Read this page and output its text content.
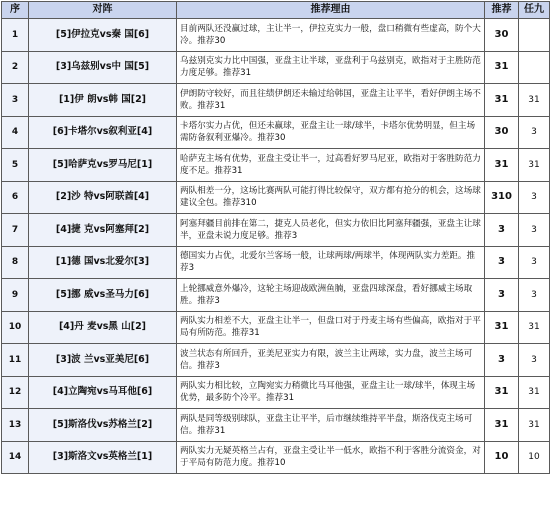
序	对阵	推荐理由	推荐	任九
1	[5]伊拉克vs秦 国[6]	目前两队还没赢过球，主让半一，伊拉克实力一般，盘口稍微有些虚高，防个大冷。推荐30	30	
2	[3]乌兹别vs中 国[5]	乌兹别克实力比中国强，亚盘主让半球，亚盘利于乌兹别克，欧指对于主胜防范力度足够。推荐31	31	
3	[1]伊 朗vs韩 国[2]	伊朗防守较好，而且往绩伊朗还未输过给韩国，亚盘主让平半，看好伊朗主场不败。推荐31	31	31
4	[6]卡塔尔vs叙利亚[4]	卡塔尔实力占优，但还未赢球，亚盘主让一球/球半，卡塔尔优势明显，但主场需防备叙利亚爆冷。推荐30	30	3
5	[5]哈萨克vs罗马尼[1]	哈萨克主场有优势，亚盘主受让半一，过高看好罗马尼亚，欧指对于客胜防范力度不足。推荐31	31	31
6	[2]沙 特vs阿联酋[4]	两队相差一分，这场比赛两队可能打得比较保守，双方都有抢分的机会，这场球建议全包。推荐310	310	3
7	[4]捷 克vs阿塞拜[2]	阿塞拜疆目前排在第二，捷克人员老化，但实力依旧比阿塞拜疆强，亚盘主让球半，亚盘未说力度足够。推荐3	3	3
8	[1]德 国vs北爱尔[3]	德国实力占优，北爱尔兰客场一般，让球两球/两球半，体现两队实力差距。推荐3	3	3
9	[5]挪 威vs圣马力[6]	上轮挪威意外爆冷，这轮主场迎战欧洲鱼腩，亚盘四球深盘，看好挪威主场取胜。推荐3	3	3
10	[4]丹 麦vs黑 山[2]	两队实力相差不大，亚盘主让半一，但盘口对于丹麦主场有些偏高，欧指对于平局有所防范。推荐31	31	31
11	[3]波 兰vs亚美尼[6]	波兰状态有所回升，亚美尼亚实力有限，波兰主让两球，实力盘，波兰主场可信。推荐3	3	3
12	[4]立陶宛vs马耳他[6]	两队实力相比较，立陶宛实力稍微比马耳他强，亚盘主让一球/球半，体现主场优势，最多防个冷平。推荐31	31	31
13	[5]斯洛伐vs苏格兰[2]	两队是同等级别球队，亚盘主让平半，后市继续维持平半盘，斯洛伐克主场可信。推荐31	31	31
14	[3]斯洛文vs英格兰[1]	两队实力无疑英格兰占有，亚盘主受让半一低水，欧指不利于客胜分流资金，对于平局有防范力度。推荐10	10	10
